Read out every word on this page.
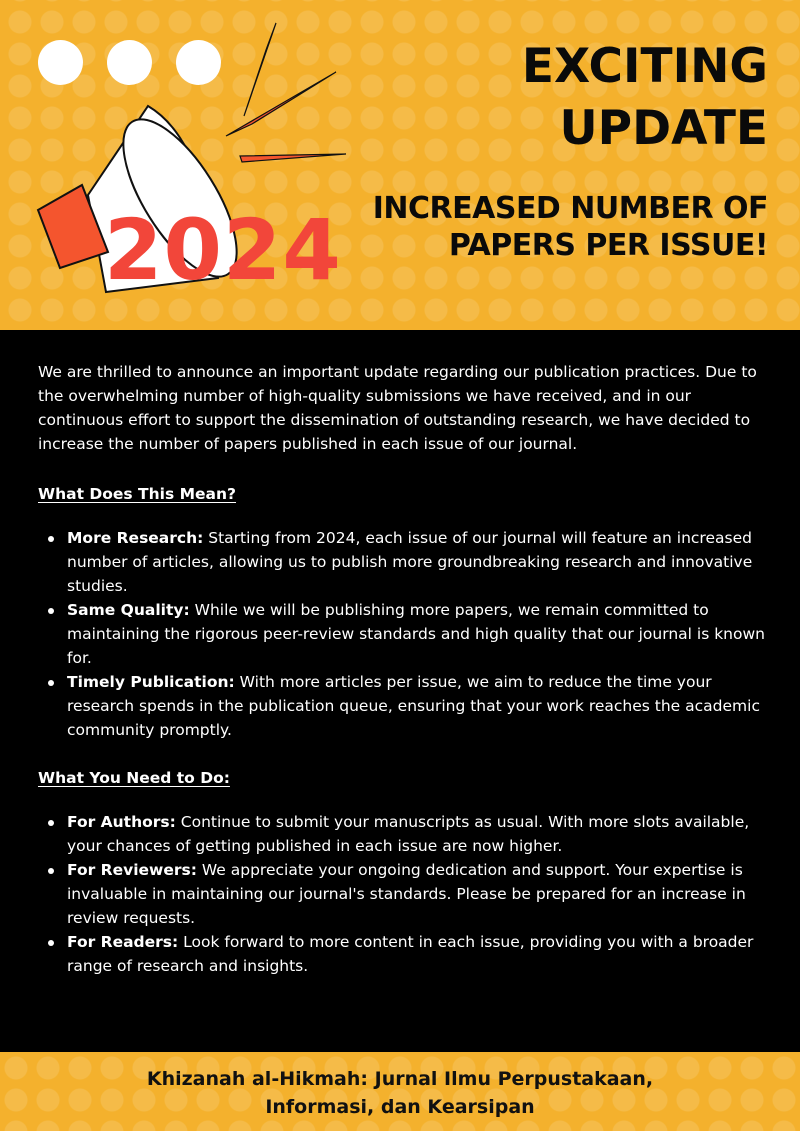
2024
EXCITING
UPDATE
INCREASED NUMBER OF PAPERS PER ISSUE!

We are thrilled to announce an important update regarding our publication practices. Due to the overwhelming number of high-quality submissions we have received, and in our continuous effort to support the dissemination of outstanding research, we have decided to increase the number of papers published in each issue of our journal.

What Does This Mean?
More Research: Starting from 2024, each issue of our journal will feature an increased number of articles, allowing us to publish more groundbreaking research and innovative studies.
Same Quality: While we will be publishing more papers, we remain committed to maintaining the rigorous peer-review standards and high quality that our journal is known for.
Timely Publication: With more articles per issue, we aim to reduce the time your research spends in the publication queue, ensuring that your work reaches the academic community promptly.
What You Need to Do:
For Authors: Continue to submit your manuscripts as usual. With more slots available, your chances of getting published in each issue are now higher.
For Reviewers: We appreciate your ongoing dedication and support. Your expertise is invaluable in maintaining our journal's standards. Please be prepared for an increase in review requests.
For Readers: Look forward to more content in each issue, providing you with a broader range of research and insights.
Khizanah al-Hikmah: Jurnal Ilmu Perpustakaan,
Informasi, dan Kearsipan
